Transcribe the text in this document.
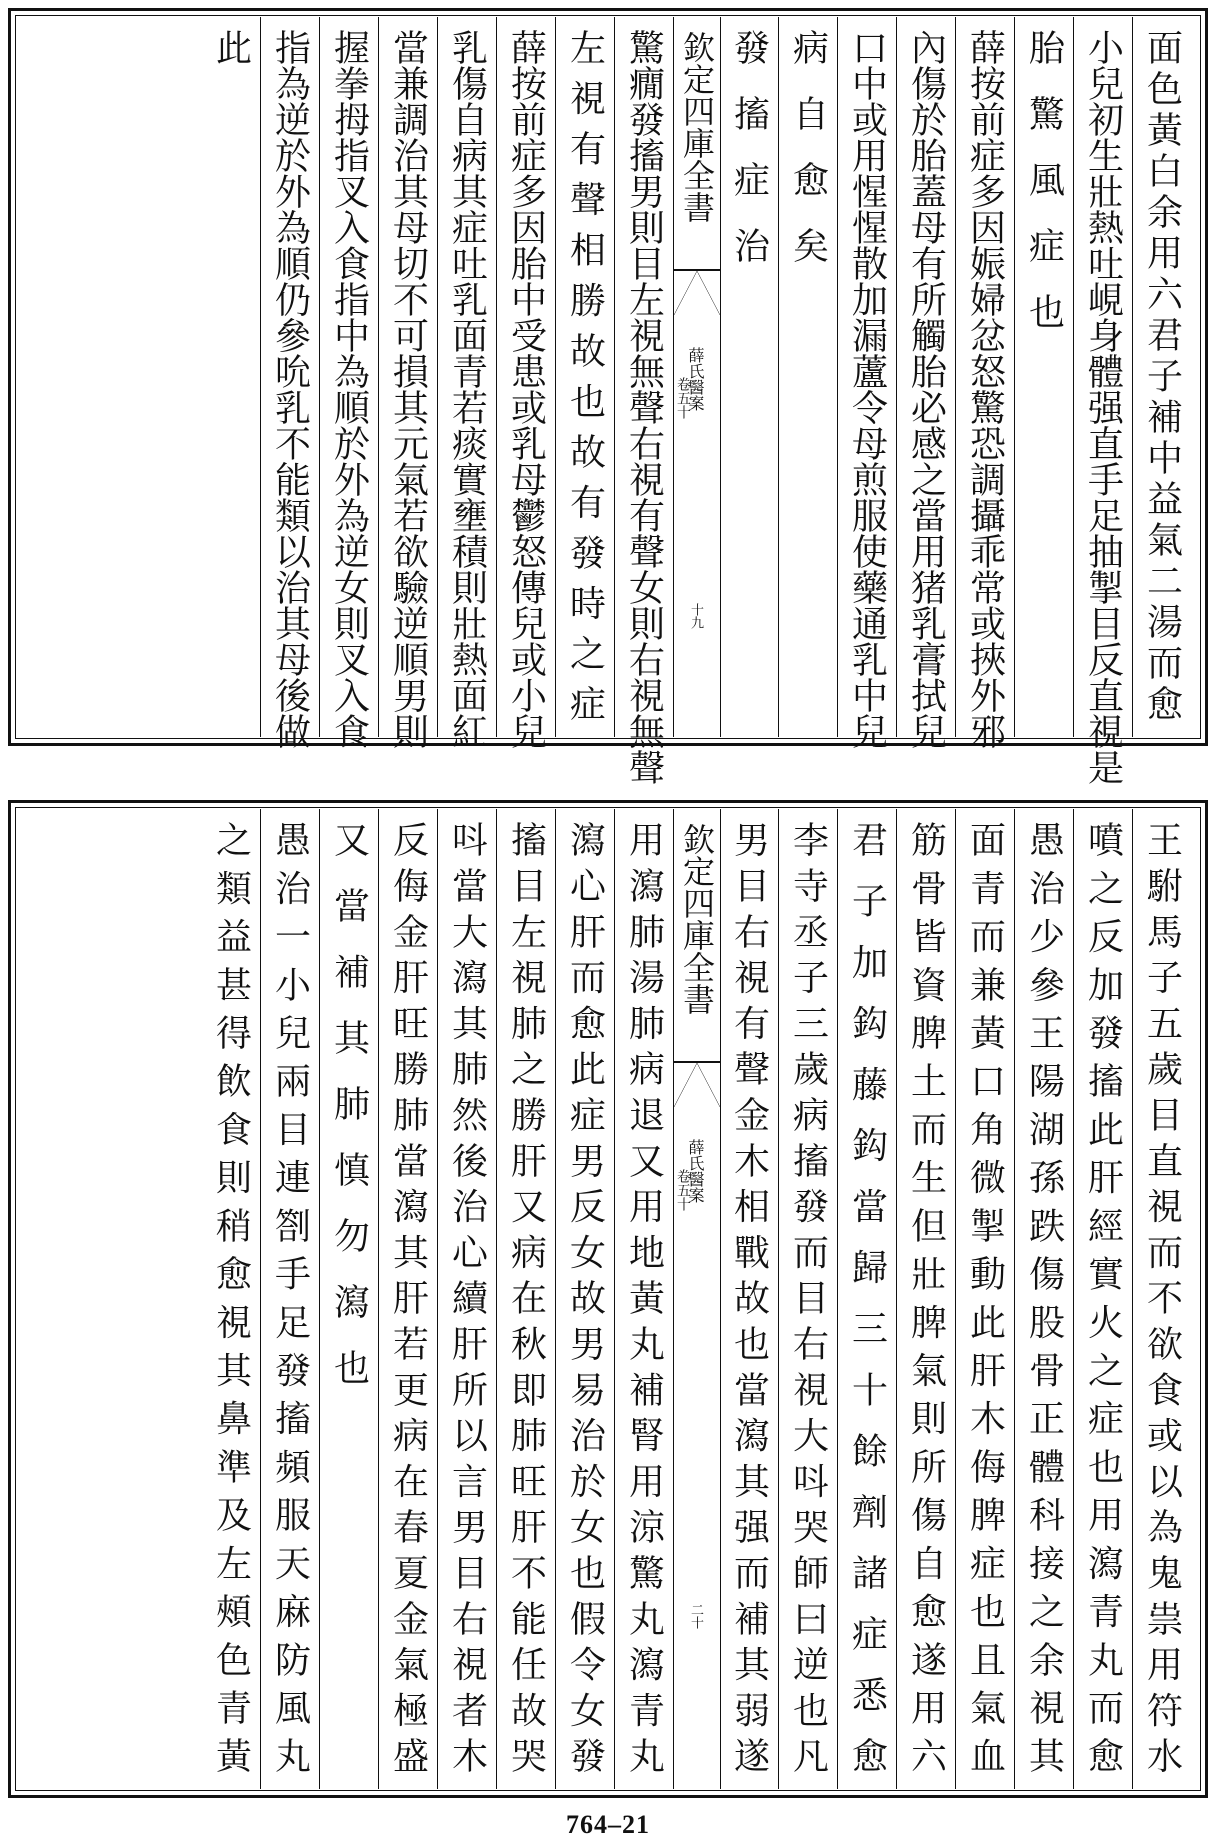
面色黃白余用六君子補中益氣二湯而愈
小兒初生壯熱吐峴身體强直手足抽掣目反直視是
胎驚風症也
薛按前症多因娠婦忿怒驚恐調攝乖常或挾外邪
內傷於胎蓋母有所觸胎必感之當用猪乳膏拭兒
口中或用惺惺散加漏蘆令母煎服使藥通乳中兒
病自愈矣
發搐症治
欽定四庫全書
薛氏醫案
卷五十
十九
驚癇發搐男則目左視無聲右視有聲女則右視無聲
左視有聲相勝故也故有發時之症
薛按前症多因胎中受患或乳母鬱怒傳兒或小兒
乳傷自病其症吐乳面青若痰實壅積則壯熱面紅
當兼調治其母切不可損其元氣若欲驗逆順男則
握拳拇指叉入食指中為順於外為逆女則叉入食
指為逆於外為順仍參吮乳不能類以治其母後做
此
王駙馬子五歲目直視而不欲食或以為鬼祟用符水
噴之反加發搐此肝經實火之症也用瀉青丸而愈
愚治少參王陽湖孫跌傷股骨正體科接之余視其
面青而兼黃口角微掣動此肝木侮脾症也且氣血
筋骨皆資脾土而生但壯脾氣則所傷自愈遂用六
君子加鈎藤鈎當歸三十餘劑諸症悉愈
李寺丞子三歲病搐發而目右視大呌哭師曰逆也凡
男目右視有聲金木相戰故也當瀉其强而補其弱遂
欽定四庫全書
薛氏醫案
卷五十
二十
用瀉肺湯肺病退又用地黃丸補腎用涼驚丸瀉青丸
瀉心肝而愈此症男反女故男易治於女也假令女發
搐目左視肺之勝肝又病在秋即肺旺肝不能任故哭
呌當大瀉其肺然後治心續肝所以言男目右視者木
反侮金肝旺勝肺當瀉其肝若更病在春夏金氣極盛
又當補其肺慎勿瀉也
愚治一小兒兩目連劄手足發搐頻服天麻防風丸
之類益甚得飲食則稍愈視其鼻準及左頰色青黃
764–21
